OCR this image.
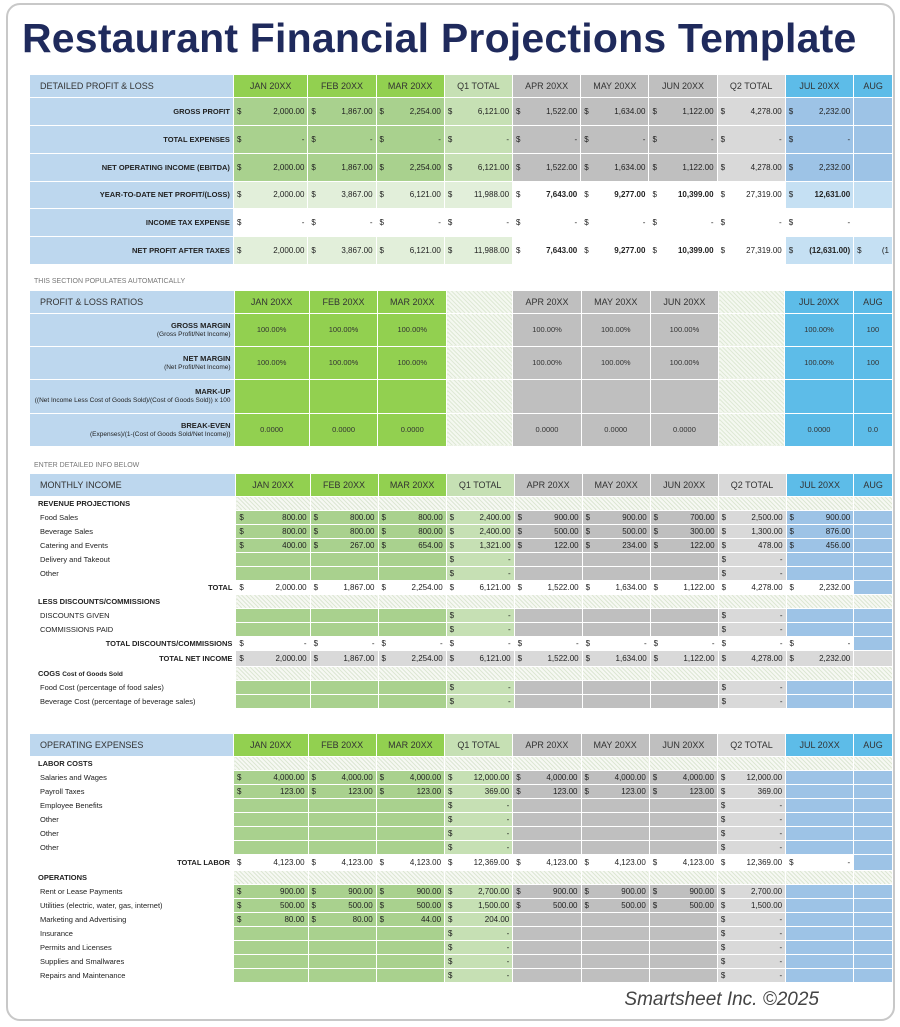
Restaurant Financial Projections Template
DETAILED PROFIT & LOSS	JAN 20XX	FEB 20XX	MAR 20XX	Q1 TOTAL	APR 20XX	MAY 20XX	JUN 20XX	Q2 TOTAL	JUL 20XX	AUG
GROSS PROFIT	$ 2,000.00	$ 1,867.00	$ 2,254.00	$ 6,121.00	$ 1,522.00	$ 1,634.00	$ 1,122.00	$ 4,278.00	$ 2,232.00	

TOTAL EXPENSES	$ -	$ -	$ -	$ -	$ -	$ -	$ -	$ -	$ -	

NET OPERATING INCOME (EBITDA)	$ 2,000.00	$ 1,867.00	$ 2,254.00	$ 6,121.00	$ 1,522.00	$ 1,634.00	$ 1,122.00	$ 4,278.00	$ 2,232.00	

YEAR-TO-DATE NET PROFIT/(LOSS)	$ 2,000.00	$ 3,867.00	$ 6,121.00	$ 11,988.00	$ 7,643.00	$ 9,277.00	$ 10,399.00	$ 27,319.00	$ 12,631.00	

INCOME TAX EXPENSE	$ -	$ -	$ -	$ -	$ -	$ -	$ -	$ -	$ -	

NET PROFIT AFTER TAXES	$ 2,000.00	$ 3,867.00	$ 6,121.00	$ 11,988.00	$ 7,643.00	$ 9,277.00	$ 10,399.00	$ 27,319.00	$ (12,631.00)	$ (1
THIS SECTION POPULATES AUTOMATICALLY
PROFIT & LOSS RATIOS	JAN 20XX	FEB 20XX	MAR 20XX		APR 20XX	MAY 20XX	JUN 20XX		JUL 20XX	AUG

GROSS MARGIN
(Gross Profit/Net Income)	100.00%	100.00%	100.00%		100.00%	100.00%	100.00%		100.00%	100

NET MARGIN
(Net Profit/Net Income)	100.00%	100.00%	100.00%		100.00%	100.00%	100.00%		100.00%	100

MARK-UP
((Net Income Less Cost of Goods Sold)/(Cost of Goods Sold)) x 100										

BREAK-EVEN
(Expenses)/(1-(Cost of Goods Sold/Net Income))	0.0000	0.0000	0.0000		0.0000	0.0000	0.0000		0.0000	0.0
ENTER DETAILED INFO BELOW
MONTHLY INCOME	JAN 20XX	FEB 20XX	MAR 20XX	Q1 TOTAL	APR 20XX	MAY 20XX	JUN 20XX	Q2 TOTAL	JUL 20XX	AUG
REVENUE PROJECTIONS										
Food Sales	$ 800.00	$ 800.00	$ 800.00	$ 2,400.00	$ 900.00	$ 900.00	$ 700.00	$ 2,500.00	$ 900.00	

Beverage Sales	$ 800.00	$ 800.00	$ 800.00	$ 2,400.00	$ 500.00	$ 500.00	$ 300.00	$ 1,300.00	$ 876.00	

Catering and Events	$ 400.00	$ 267.00	$ 654.00	$ 1,321.00	$ 122.00	$ 234.00	$ 122.00	$ 478.00	$ 456.00	

Delivery and Takeout				$ -				$ -		

Other				$ -				$ -		

TOTAL	$ 2,000.00	$ 1,867.00	$ 2,254.00	$ 6,121.00	$ 1,522.00	$ 1,634.00	$ 1,122.00	$ 4,278.00	$ 2,232.00	

LESS DISCOUNTS/COMMISSIONS										
DISCOUNTS GIVEN				$ -				$ -		

COMMISSIONS PAID				$ -				$ -		

TOTAL DISCOUNTS/COMMISSIONS	$ -	$ -	$ -	$ -	$ -	$ -	$ -	$ -	$ -	

TOTAL NET INCOME	$ 2,000.00	$ 1,867.00	$ 2,254.00	$ 6,121.00	$ 1,522.00	$ 1,634.00	$ 1,122.00	$ 4,278.00	$ 2,232.00	

COGS Cost of Goods Sold										
Food Cost (percentage of food sales)				$ -				$ -		

Beverage Cost (percentage of beverage sales)				$ -				$ -		

OPERATING EXPENSES	JAN 20XX	FEB 20XX	MAR 20XX	Q1 TOTAL	APR 20XX	MAY 20XX	JUN 20XX	Q2 TOTAL	JUL 20XX	AUG
LABOR COSTS										
Salaries and Wages	$ 4,000.00	$ 4,000.00	$ 4,000.00	$ 12,000.00	$ 4,000.00	$ 4,000.00	$ 4,000.00	$ 12,000.00		

Payroll Taxes	$ 123.00	$ 123.00	$ 123.00	$ 369.00	$ 123.00	$ 123.00	$ 123.00	$ 369.00		

Employee Benefits				$ -				$ -		

Other				$ -				$ -		

Other				$ -				$ -		

Other				$ -				$ -		

TOTAL LABOR	$ 4,123.00	$ 4,123.00	$ 4,123.00	$ 12,369.00	$ 4,123.00	$ 4,123.00	$ 4,123.00	$ 12,369.00	$ -	

OPERATIONS										
Rent or Lease Payments	$ 900.00	$ 900.00	$ 900.00	$ 2,700.00	$ 900.00	$ 900.00	$ 900.00	$ 2,700.00		

Utilities (electric, water, gas, internet)	$ 500.00	$ 500.00	$ 500.00	$ 1,500.00	$ 500.00	$ 500.00	$ 500.00	$ 1,500.00		

Marketing and Advertising	$ 80.00	$ 80.00	$ 44.00	$ 204.00				$ -		

Insurance				$ -				$ -		

Permits and Licenses				$ -				$ -		

Supplies and Smallwares				$ -				$ -		

Repairs and Maintenance				$ -				$ -		

Smartsheet Inc. ©2025
